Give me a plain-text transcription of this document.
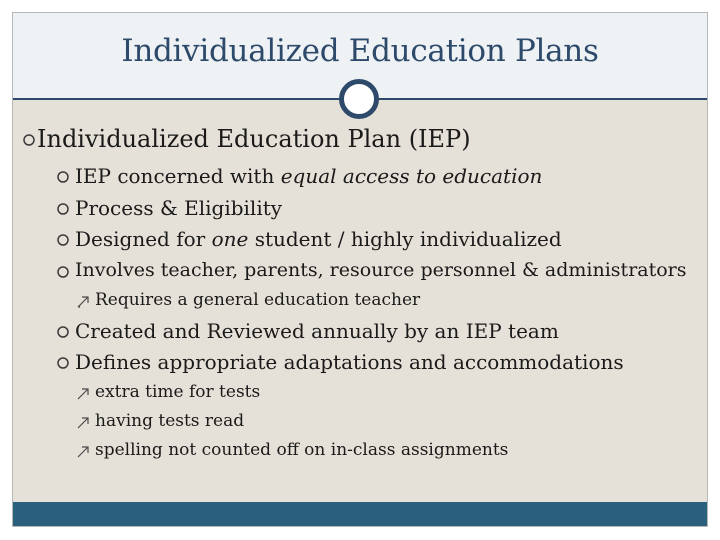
Individualized Education Plans
Individualized Education Plan (IEP)
IEP concerned with equal access to education
Process & Eligibility
Designed for one student / highly individualized
Involves teacher, parents, resource personnel & administrators
Requires a general education teacher
Created and Reviewed annually by an IEP team
Defines appropriate adaptations and accommodations
extra time for tests
having tests read
spelling not counted off on in-class assignments
